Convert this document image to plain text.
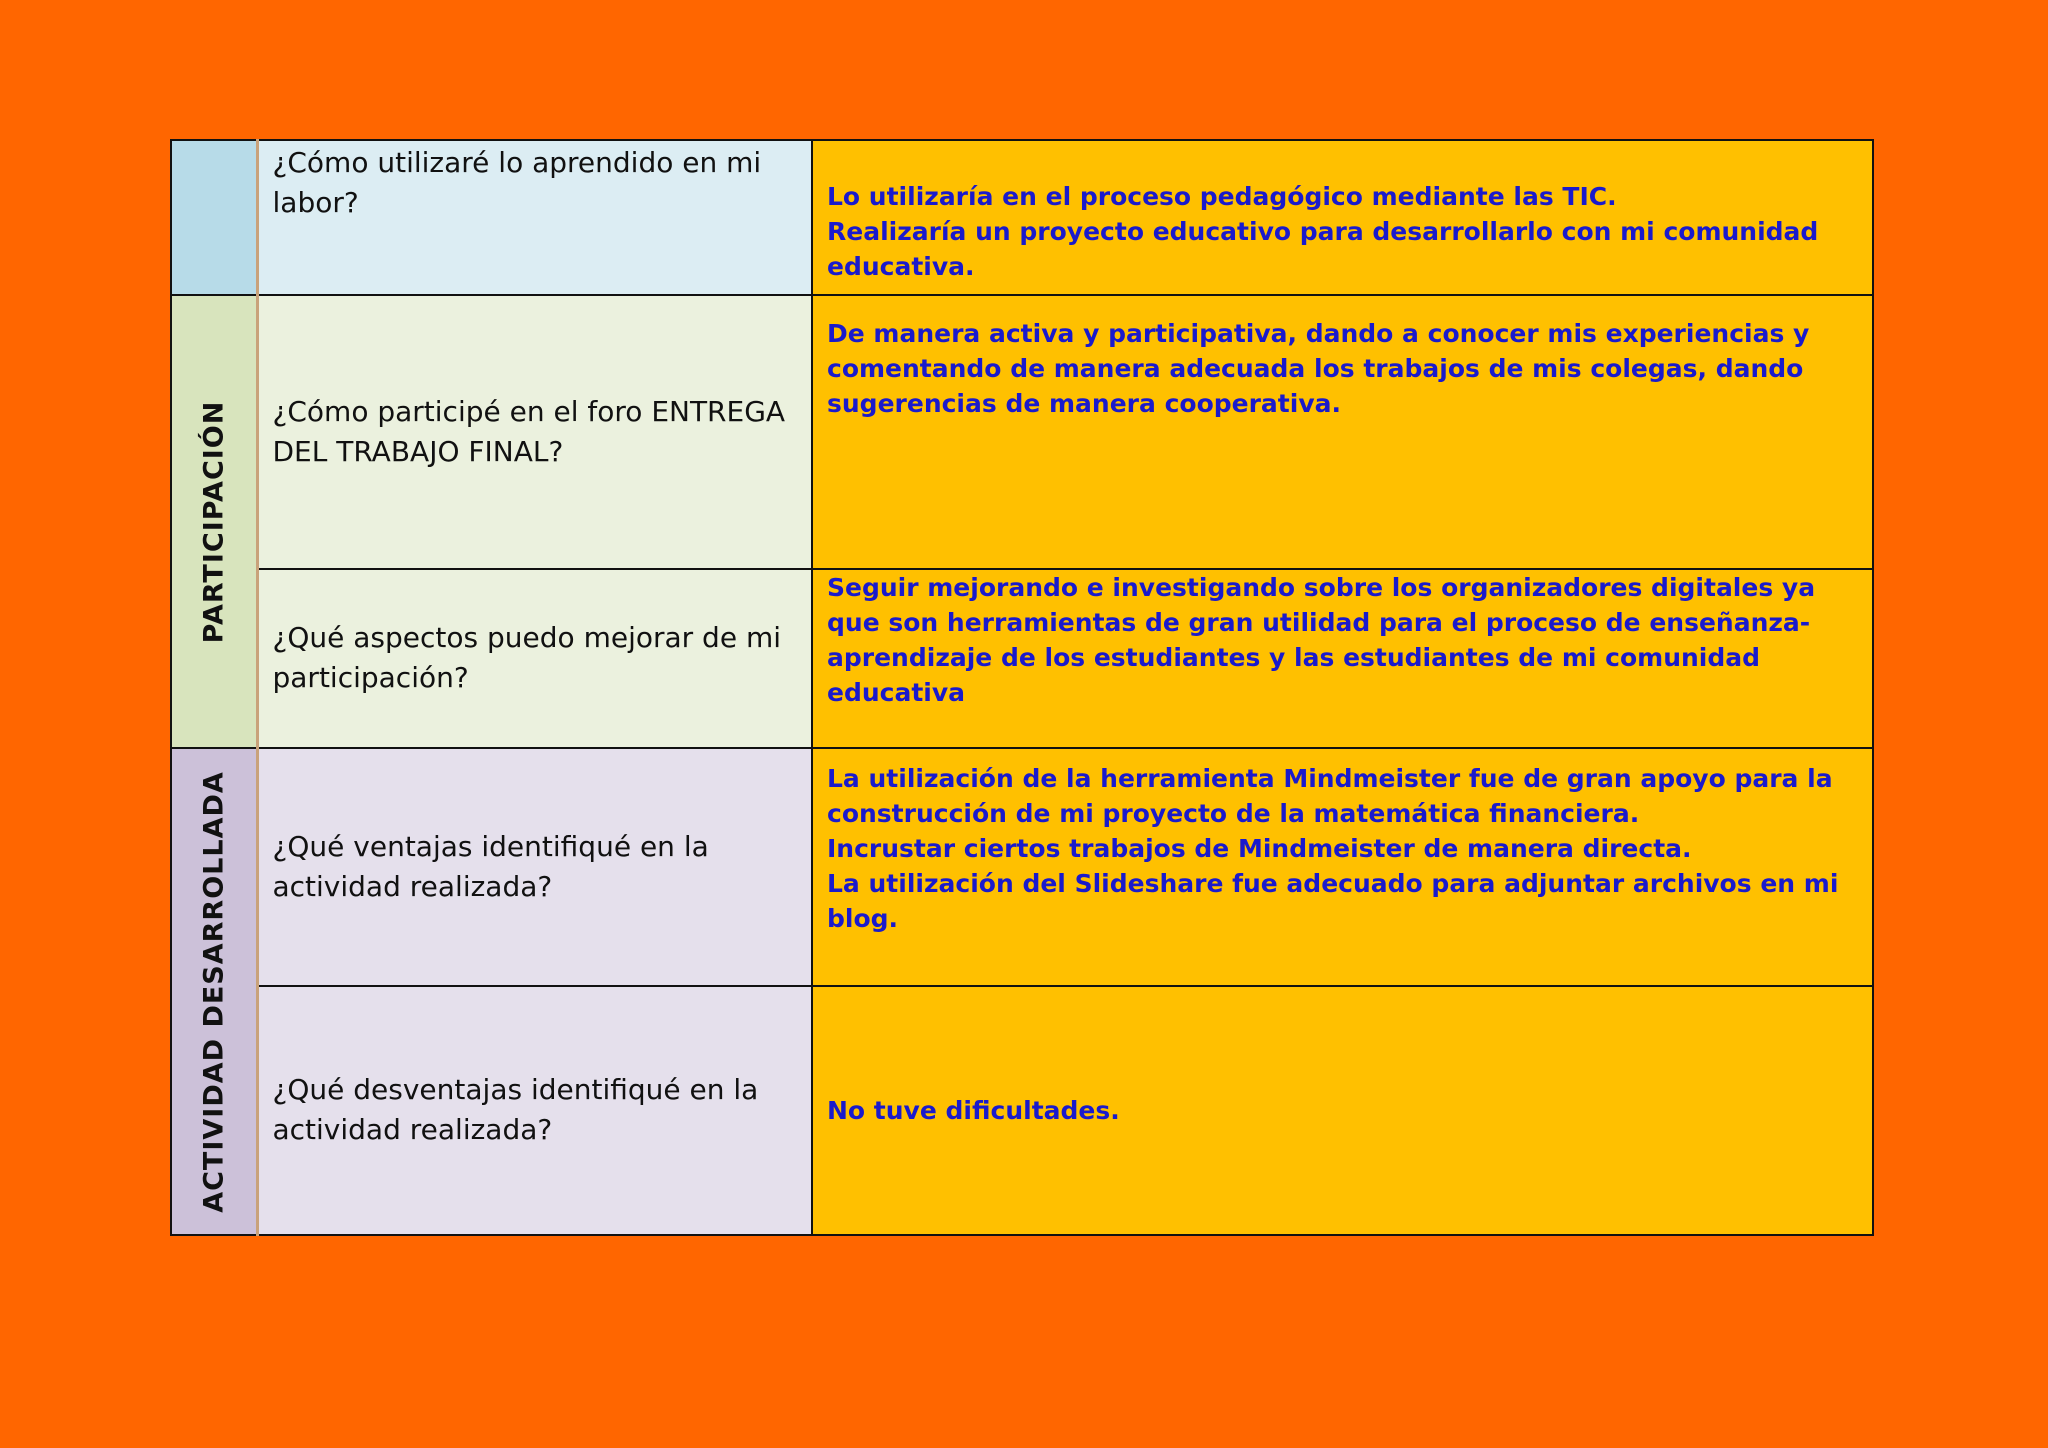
	¿Cómo utilizaré lo aprendido en mi labor?	Lo utilizaría en el proceso pedagógico mediante las TIC.
Realizaría un proyecto educativo para desarrollarlo con mi comunidad educativa.

PARTICIPACIÓN	¿Cómo participé en el foro ENTREGA DEL TRABAJO FINAL?	De manera activa y participativa, dando a conocer mis experiencias y comentando de manera adecuada los trabajos de mis colegas, dando sugerencias de manera cooperativa.

	¿Qué aspectos puedo mejorar de mi participación?	Seguir mejorando e investigando sobre los organizadores digitales ya que son herramientas de gran utilidad para el proceso de enseñanza-aprendizaje de los estudiantes y las estudiantes de mi comunidad educativa

ACTIVIDAD DESARROLLADA	¿Qué ventajas identifiqué en la actividad realizada?	La utilización de la herramienta Mindmeister fue de gran apoyo para la construcción de mi proyecto de la matemática financiera.
Incrustar ciertos trabajos de Mindmeister de manera directa.
La utilización del Slideshare fue adecuado para adjuntar archivos en mi blog.

	¿Qué desventajas identifiqué en la actividad realizada?	No tuve dificultades.
